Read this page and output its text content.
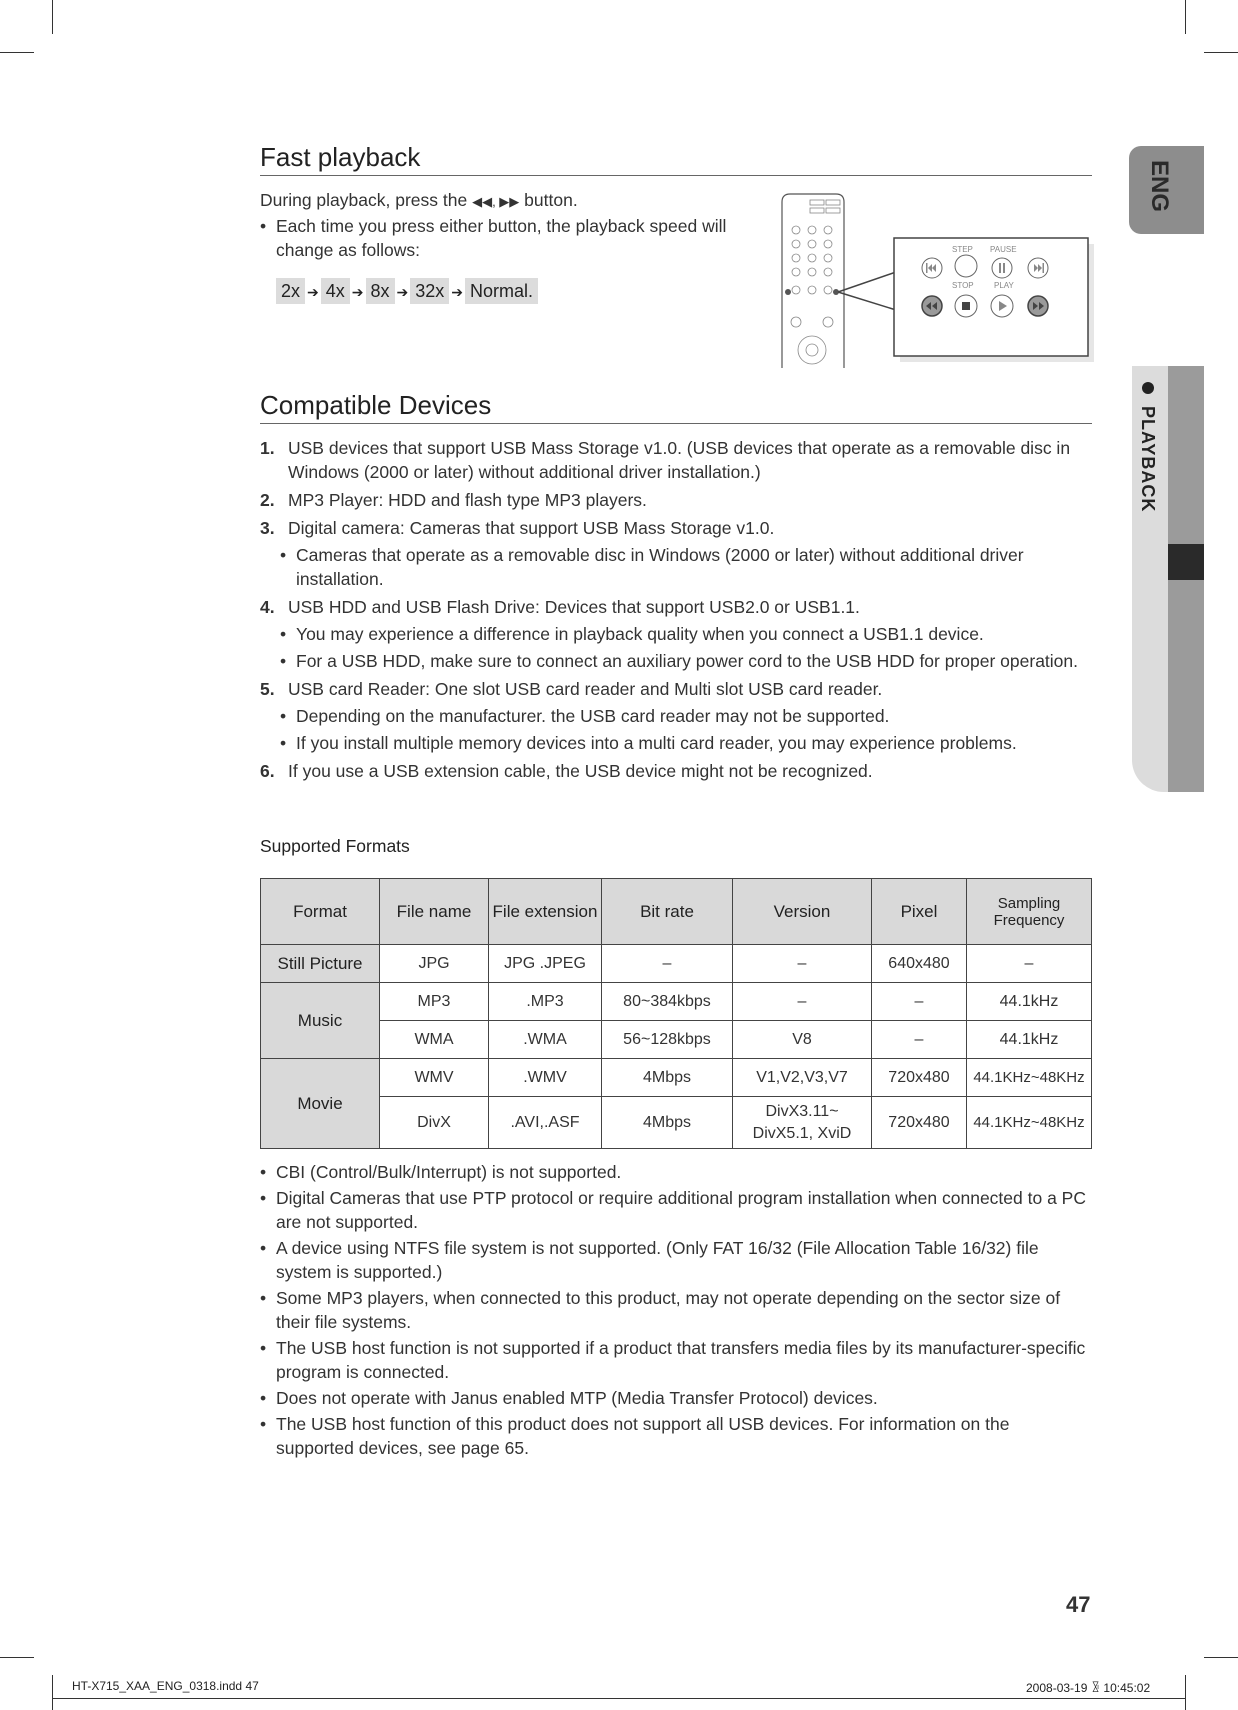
ENG
PLAYBACK
Fast playback
During playback, press the ◀◀, ▶▶ button.
• Each time you press either button, the playback speed will change as follows:
2x ➔ 4x ➔ 8x ➔ 32x ➔ Normal.
STEP PAUSE
STOP	PLAY
Compatible Devices
1. USB devices that support USB Mass Storage v1.0. (USB devices that operate as a removable disc in Windows (2000 or later) without additional driver installation.)
2. MP3 Player: HDD and flash type MP3 players.
3. Digital camera: Cameras that support USB Mass Storage v1.0.
• Cameras that operate as a removable disc in Windows (2000 or later) without additional driver installation.
4. USB HDD and USB Flash Drive: Devices that support USB2.0 or USB1.1.
• You may experience a difference in playback quality when you connect a USB1.1 device.
• For a USB HDD, make sure to connect an auxiliary power cord to the USB HDD for proper operation.
5. USB card Reader: One slot USB card reader and Multi slot USB card reader.
• Depending on the manufacturer. the USB card reader may not be supported.
• If you install multiple memory devices into a multi card reader, you may experience problems.
6. If you use a USB extension cable, the USB device might not be recognized.
Supported Formats
Format	File name	File extension	Bit rate	Version	Pixel	Sampling Frequency
Still Picture	JPG	JPG .JPEG	–	–	640x480	–
Music	MP3	.MP3	80~384kbps	–	–	44.1kHz
	WMA	.WMA	56~128kbps	V8	–	44.1kHz
Movie	WMV	.WMV	4Mbps	V1,V2,V3,V7	720x480	44.1KHz~48KHz
	DivX	.AVI,.ASF	4Mbps	DivX3.11~ DivX5.1, XviD	720x480	44.1KHz~48KHz
• CBI (Control/Bulk/Interrupt) is not supported.
• Digital Cameras that use PTP protocol or require additional program installation when connected to a PC are not supported.
• A device using NTFS file system is not supported. (Only FAT 16/32 (File Allocation Table 16/32) file system is supported.)
• Some MP3 players, when connected to this product, may not operate depending on the sector size of their file systems.
• The USB host function is not supported if a product that transfers media files by its manufacturer-specific program is connected.
• Does not operate with Janus enabled MTP (Media Transfer Protocol) devices.
• The USB host function of this product does not support all USB devices. For information on the supported devices, see page 65.
47
HT-X715_XAA_ENG_0318.indd 47	2008-03-19 ꂣ 10:45:02
